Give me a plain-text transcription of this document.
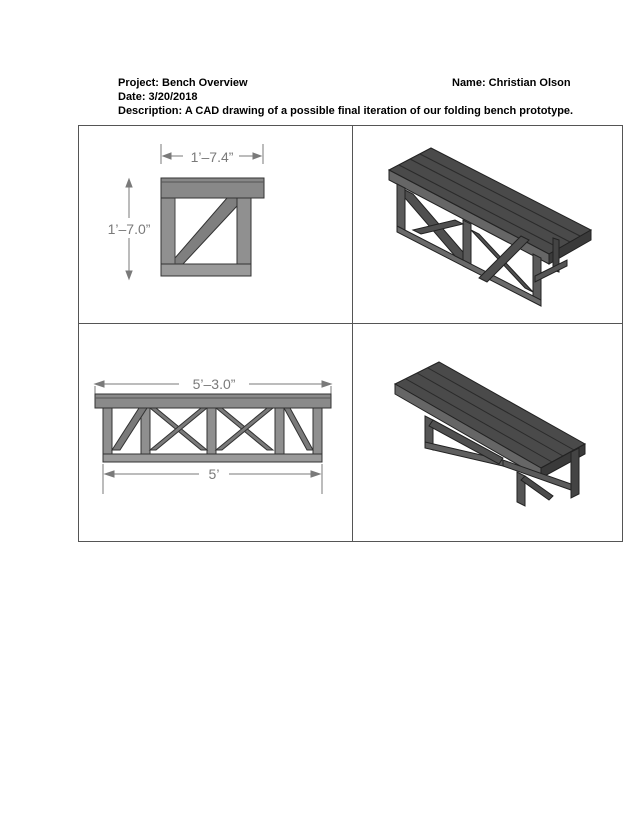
Project: Bench Overview	Name: Christian Olson
Date: 3/20/2018
Description: A CAD drawing of a possible final iteration of our folding bench prototype.
1’–7.4”
1’–7.0”
5’–3.0”
5’
